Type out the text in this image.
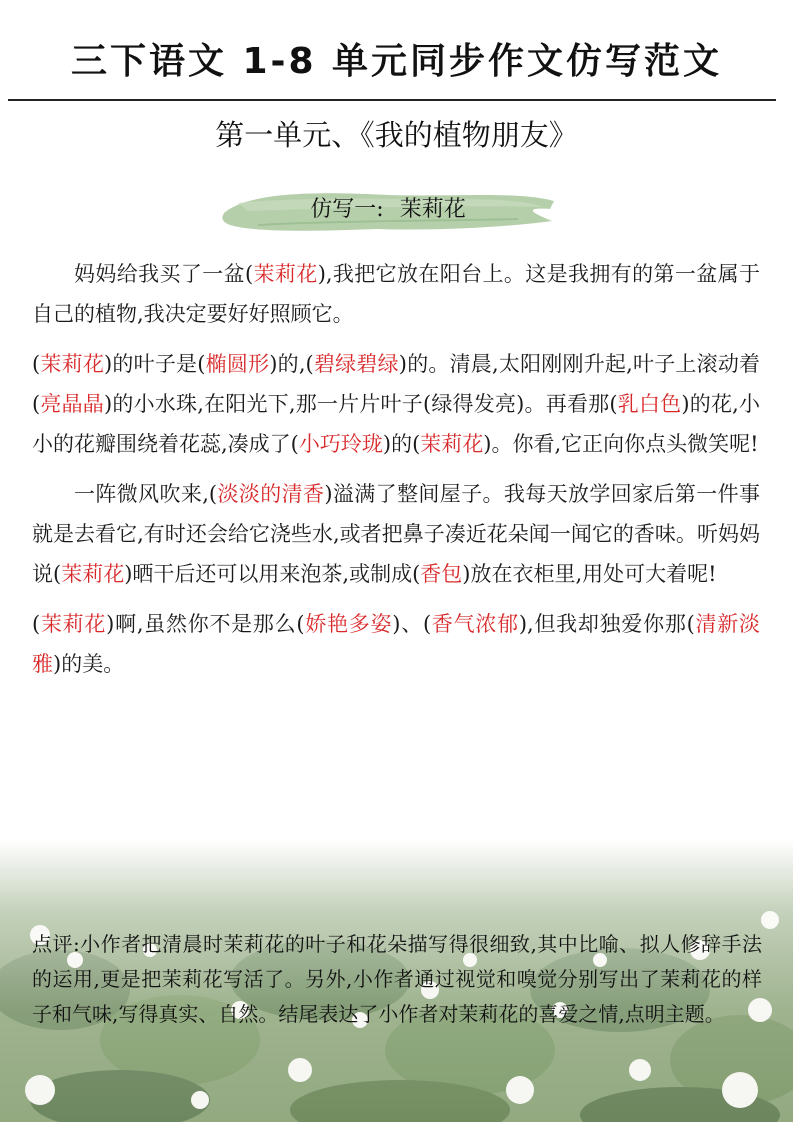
三下语文 1-8 单元同步作文仿写范文
第一单元、《我的植物朋友》
仿写一: 茉莉花

妈妈给我买了一盆(茉莉花),我把它放在阳台上。这是我拥有的第一盆属于自己的植物,我决定要好好照顾它。

(茉莉花)的叶子是(椭圆形)的,(碧绿碧绿)的。清晨,太阳刚刚升起,叶子上滚动着(亮晶晶)的小水珠,在阳光下,那一片片叶子(绿得发亮)。再看那(乳白色)的花,小小的花瓣围绕着花蕊,凑成了(小巧玲珑)的(茉莉花)。你看,它正向你点头微笑呢!

一阵微风吹来,(淡淡的清香)溢满了整间屋子。我每天放学回家后第一件事就是去看它,有时还会给它浇些水,或者把鼻子凑近花朵闻一闻它的香味。听妈妈说(茉莉花)晒干后还可以用来泡茶,或制成(香包)放在衣柜里,用处可大着呢!

(茉莉花)啊,虽然你不是那么(娇艳多姿)、(香气浓郁),但我却独爱你那(清新淡雅)的美。

点评:小作者把清晨时茉莉花的叶子和花朵描写得很细致,其中比喻、拟人修辞手法的运用,更是把茉莉花写活了。另外,小作者通过视觉和嗅觉分别写出了茉莉花的样子和气味,写得真实、自然。结尾表达了小作者对茉莉花的喜爱之情,点明主题。
